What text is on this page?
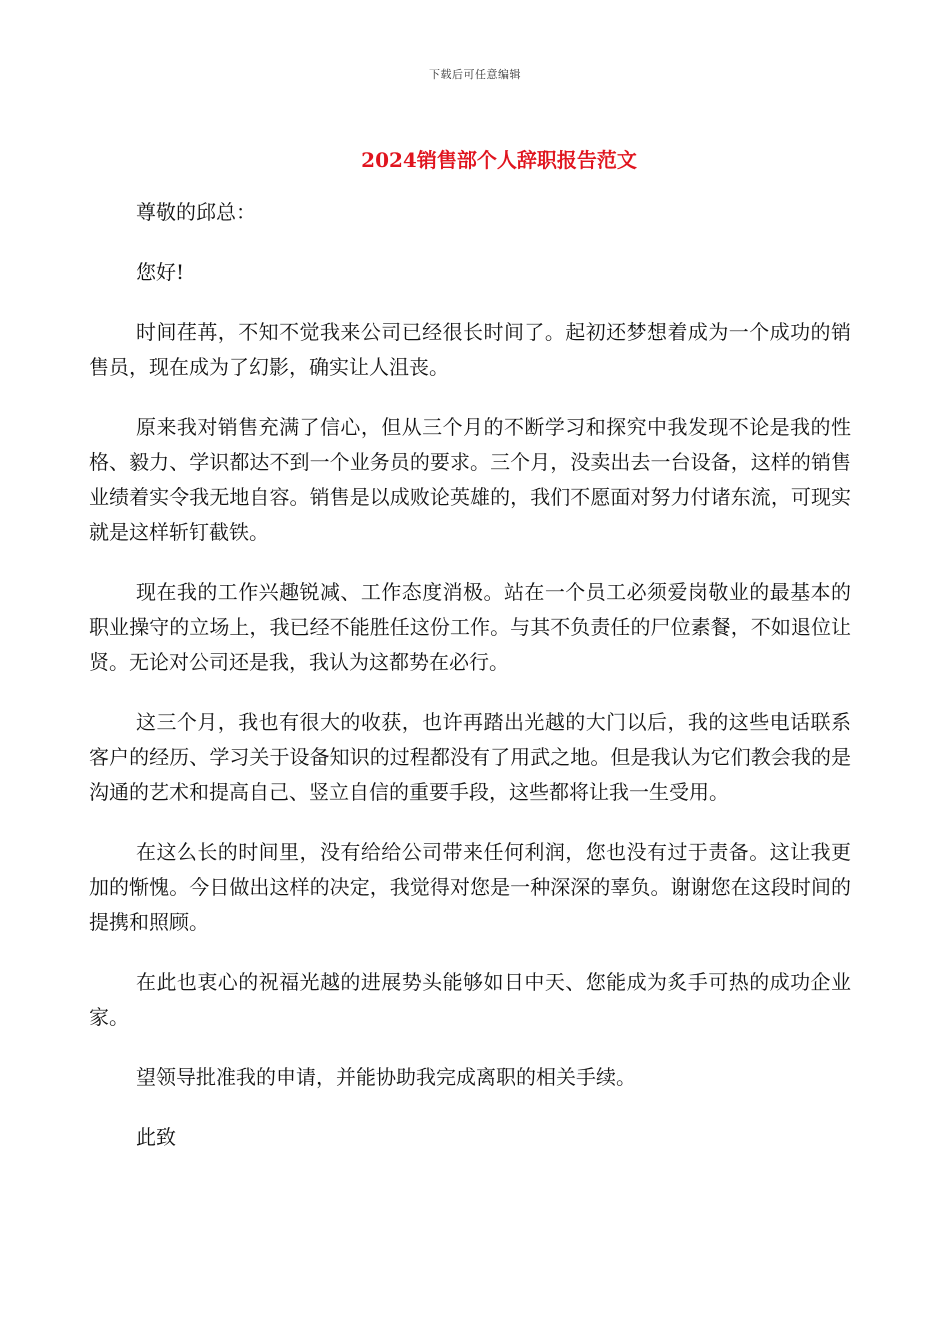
下载后可任意编辑
2024销售部个人辞职报告范文

尊敬的邱总：

您好!

时间荏苒，不知不觉我来公司已经很长时间了。起初还梦想着成为一个成功的销售员，现在成为了幻影，确实让人沮丧。

原来我对销售充满了信心，但从三个月的不断学习和探究中我发现不论是我的性格、毅力、学识都达不到一个业务员的要求。三个月，没卖出去一台设备，这样的销售业绩着实令我无地自容。销售是以成败论英雄的，我们不愿面对努力付诸东流，可现实就是这样斩钉截铁。

现在我的工作兴趣锐减、工作态度消极。站在一个员工必须爱岗敬业的最基本的职业操守的立场上，我已经不能胜任这份工作。与其不负责任的尸位素餐，不如退位让贤。无论对公司还是我，我认为这都势在必行。

这三个月，我也有很大的收获，也许再踏出光越的大门以后，我的这些电话联系客户的经历、学习关于设备知识的过程都没有了用武之地。但是我认为它们教会我的是沟通的艺术和提高自己、竖立自信的重要手段，这些都将让我一生受用。

在这么长的时间里，没有给给公司带来任何利润，您也没有过于责备。这让我更加的惭愧。今日做出这样的决定，我觉得对您是一种深深的辜负。谢谢您在这段时间的提携和照顾。

在此也衷心的祝福光越的进展势头能够如日中天、您能成为炙手可热的成功企业家。

望领导批准我的申请，并能协助我完成离职的相关手续。

此致
